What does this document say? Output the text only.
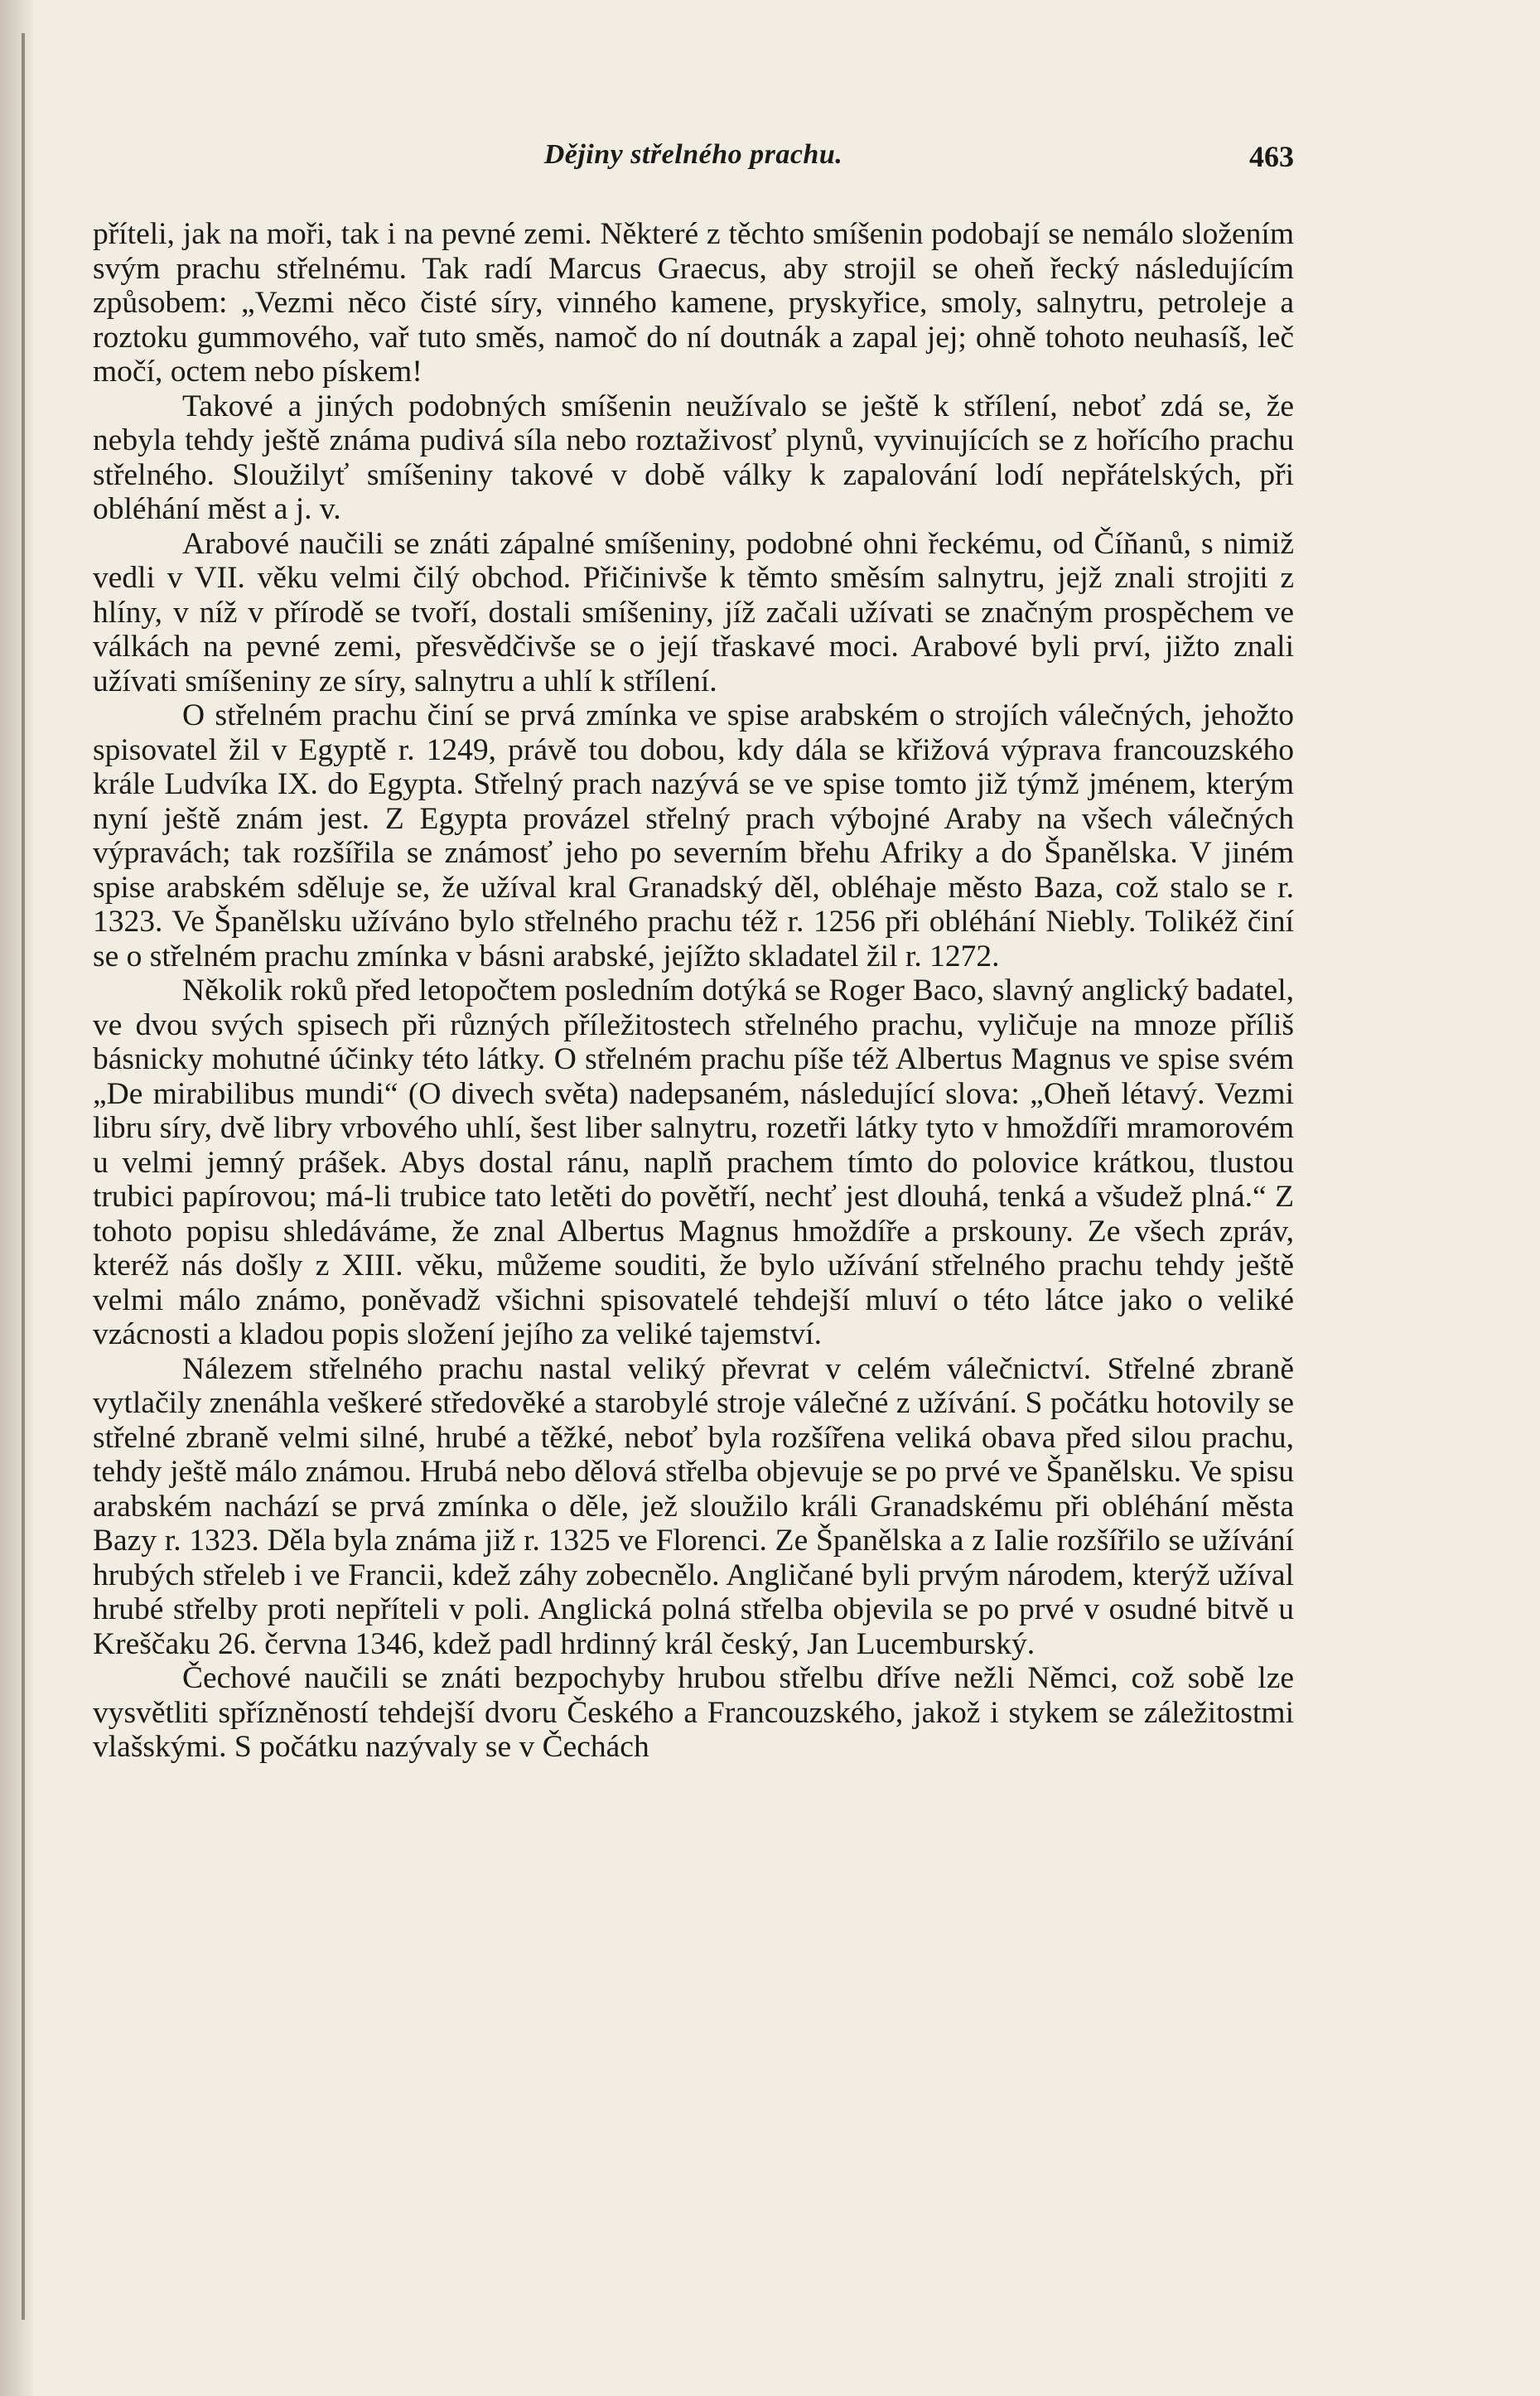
Dějiny střelného prachu.	463

příteli, jak na moři, tak i na pevné zemi. Některé z těchto smíšenin podobají se nemálo složením svým prachu střelnému. Tak radí Marcus Graecus, aby strojil se oheň řecký následujícím způsobem: „Vezmi něco čisté síry, vinného kamene, pryskyřice, smoly, salnytru, petroleje a roztoku gummového, vař tuto směs, namoč do ní doutnák a zapal jej; ohně tohoto neuhasíš, leč močí, octem nebo pískem!

Takové a jiných podobných smíšenin neužívalo se ještě k střílení, neboť zdá se, že nebyla tehdy ještě známa pudivá síla nebo roztaživosť plynů, vyvinujících se z hořícího prachu střelného. Sloužilyť smíšeniny takové v době války k zapalování lodí nepřátelských, při obléhání měst a j. v.

Arabové naučili se znáti zápalné smíšeniny, podobné ohni řeckému, od Číňanů, s nimiž vedli v VII. věku velmi čilý obchod. Přičinivše k těmto směsím salnytru, jejž znali strojiti z hlíny, v níž v přírodě se tvoří, dostali smíšeniny, jíž začali užívati se značným prospěchem ve válkách na pevné zemi, přesvědčivše se o její třaskavé moci. Arabové byli prví, jižto znali užívati smíšeniny ze síry, salnytru a uhlí k střílení.

O střelném prachu činí se prvá zmínka ve spise arabském o strojích válečných, jehožto spisovatel žil v Egyptě r. 1249, právě tou dobou, kdy dála se křižová výprava francouzského krále Ludvíka IX. do Egypta. Střelný prach nazývá se ve spise tomto již týmž jménem, kterým nyní ještě znám jest. Z Egypta provázel střelný prach výbojné Araby na všech válečných výpravách; tak rozšířila se známosť jeho po severním břehu Afriky a do Španělska. V jiném spise arabském sděluje se, že užíval kral Granadský děl, obléhaje město Baza, což stalo se r. 1323. Ve Španělsku užíváno bylo střelného prachu též r. 1256 při obléhání Niebly. Tolikéž činí se o střelném prachu zmínka v básni arabské, jejížto skladatel žil r. 1272.

Několik roků před letopočtem posledním dotýká se Roger Baco, slavný anglický badatel, ve dvou svých spisech při různých příležitostech střelného prachu, vyličuje na mnoze příliš básnicky mohutné účinky této látky. O střelném prachu píše též Albertus Magnus ve spise svém „De mirabilibus mundi“ (O divech světa) nadepsaném, následující slova: „Oheň létavý. Vezmi libru síry, dvě libry vrbového uhlí, šest liber salnytru, rozetři látky tyto v hmoždíři mramorovém u velmi jemný prášek. Abys dostal ránu, naplň prachem tímto do polovice krátkou, tlustou trubici papírovou; má-li trubice tato letěti do povětří, nechť jest dlouhá, tenká a všudež plná.“ Z tohoto popisu shledáváme, že znal Albertus Magnus hmoždíře a prskouny. Ze všech zpráv, kteréž nás došly z XIII. věku, můžeme souditi, že bylo užívání střelného prachu tehdy ještě velmi málo známo, poněvadž všichni spisovatelé tehdejší mluví o této látce jako o veliké vzácnosti a kladou popis složení jejího za veliké tajemství.

Nálezem střelného prachu nastal veliký převrat v celém válečnictví. Střelné zbraně vytlačily znenáhla veškeré středověké a starobylé stroje válečné z užívání. S počátku hotovily se střelné zbraně velmi silné, hrubé a těžké, neboť byla rozšířena veliká obava před silou prachu, tehdy ještě málo známou. Hrubá nebo dělová střelba objevuje se po prvé ve Španělsku. Ve spisu arabském nachází se prvá zmínka o děle, jež sloužilo králi Granadskému při obléhání města Bazy r. 1323. Děla byla známa již r. 1325 ve Florenci. Ze Španělska a z Ialie rozšířilo se užívání hrubých střeleb i ve Francii, kdež záhy zobecnělo. Angličané byli prvým národem, kterýž užíval hrubé střelby proti nepříteli v poli. Anglická polná střelba objevila se po prvé v osudné bitvě u Kreščaku 26. června 1346, kdež padl hrdinný král český, Jan Lucemburský.

Čechové naučili se znáti bezpochyby hrubou střelbu dříve nežli Němci, což sobě lze vysvětliti spřízněností tehdejší dvoru Českého a Francouzského, jakož i stykem se záležitostmi vlašskými. S počátku nazývaly se v Čechách
